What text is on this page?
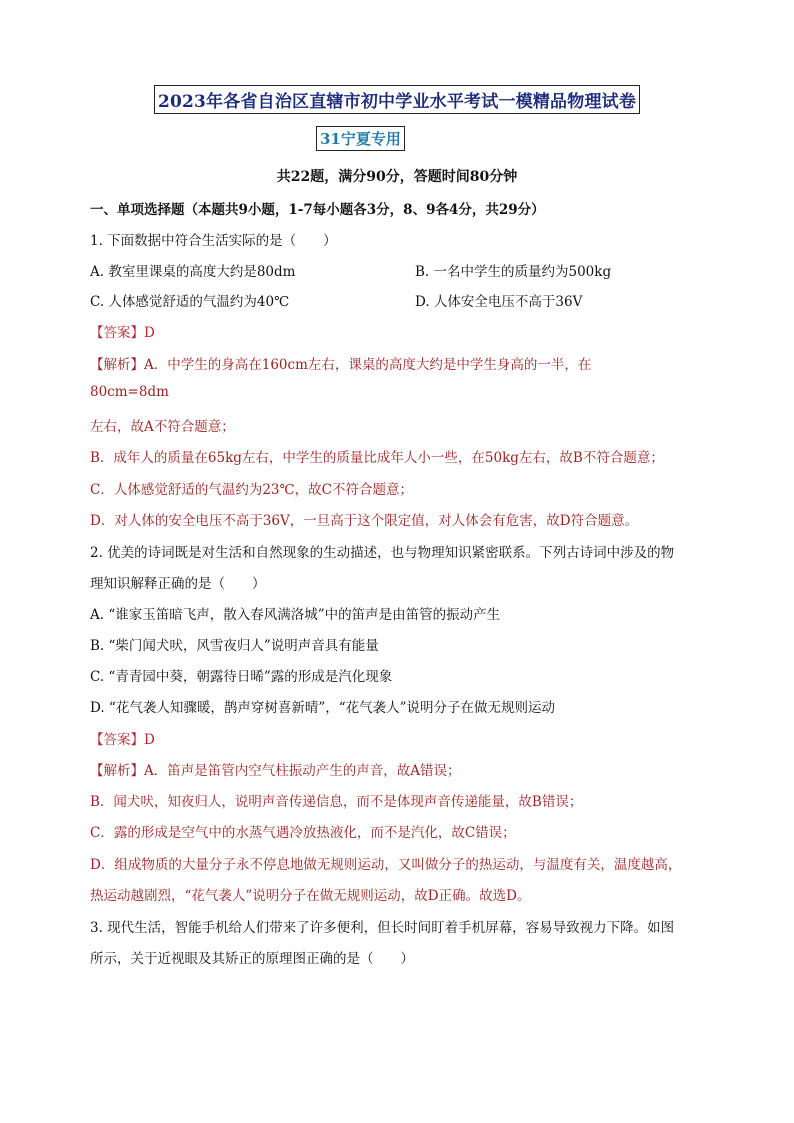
2023年各省自治区直辖市初中学业水平考试一模精品物理试卷
31宁夏专用
共22题，满分90分，答题时间80分钟
一、单项选择题（本题共9小题，1-7每小题各3分，8、9各4分，共29分）
1. 下面数据中符合生活实际的是（　　）
A. 教室里课桌的高度大约是80dm	B. 一名中学生的质量约为500kg
C. 人体感觉舒适的气温约为40℃	D. 人体安全电压不高于36V
【答案】D
【解析】A．中学生的身高在160cm左右，课桌的高度大约是中学生身高的一半，在
80cm=8dm
左右，故A不符合题意；
B．成年人的质量在65kg左右，中学生的质量比成年人小一些，在50kg左右，故B不符合题意；
C．人体感觉舒适的气温约为23℃，故C不符合题意；
D．对人体的安全电压不高于36V，一旦高于这个限定值，对人体会有危害，故D符合题意。
2. 优美的诗词既是对生活和自然现象的生动描述，也与物理知识紧密联系。下列古诗词中涉及的物
理知识解释正确的是（　　）
A. “谁家玉笛暗飞声，散入春风满洛城”中的笛声是由笛管的振动产生
B. “柴门闻犬吠，风雪夜归人”说明声音具有能量
C. “青青园中葵，朝露待日晞”露的形成是汽化现象
D. “花气袭人知骤暖，鹊声穿树喜新晴”，“花气袭人”说明分子在做无规则运动
【答案】D
【解析】A．笛声是笛管内空气柱振动产生的声音，故A错误；
B．闻犬吠，知夜归人，说明声音传递信息，而不是体现声音传递能量，故B错误；
C．露的形成是空气中的水蒸气遇冷放热液化，而不是汽化，故C错误；
D．组成物质的大量分子永不停息地做无规则运动，又叫做分子的热运动，与温度有关，温度越高，
热运动越剧烈，“花气袭人”说明分子在做无规则运动，故D正确。故选D。
3. 现代生活，智能手机给人们带来了许多便利，但长时间盯着手机屏幕，容易导致视力下降。如图
所示，关于近视眼及其矫正的原理图正确的是（　　）
